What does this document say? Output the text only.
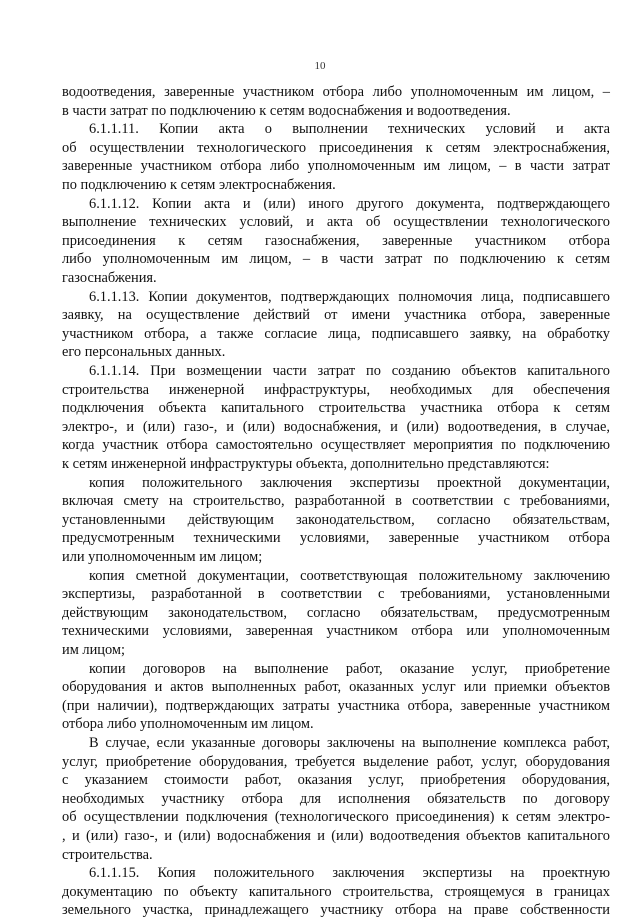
10
водоотведения, заверенные участником отбора либо уполномоченным им лицом, –
в части затрат по подключению к сетям водоснабжения и водоотведения.
6.1.1.11. Копии акта о выполнении технических условий и акта
об осуществлении технологического присоединения к сетям электроснабжения,
заверенные участником отбора либо уполномоченным им лицом, – в части затрат
по подключению к сетям электроснабжения.
6.1.1.12. Копии акта и (или) иного другого документа, подтверждающего
выполнение технических условий, и акта об осуществлении технологического
присоединения к сетям газоснабжения, заверенные участником отбора
либо уполномоченным им лицом, – в части затрат по подключению к сетям
газоснабжения.
6.1.1.13. Копии документов, подтверждающих полномочия лица, подписавшего
заявку, на осуществление действий от имени участника отбора, заверенные
участником отбора, а также согласие лица, подписавшего заявку, на обработку
его персональных данных.
6.1.1.14. При возмещении части затрат по созданию объектов капитального
строительства инженерной инфраструктуры, необходимых для обеспечения
подключения объекта капитального строительства участника отбора к сетям
электро-, и (или) газо-, и (или) водоснабжения, и (или) водоотведения, в случае,
когда участник отбора самостоятельно осуществляет мероприятия по подключению
к сетям инженерной инфраструктуры объекта, дополнительно представляются:
копия положительного заключения экспертизы проектной документации,
включая смету на строительство, разработанной в соответствии с требованиями,
установленными действующим законодательством, согласно обязательствам,
предусмотренным техническими условиями, заверенные участником отбора
или уполномоченным им лицом;
копия сметной документации, соответствующая положительному заключению
экспертизы, разработанной в соответствии с требованиями, установленными
действующим законодательством, согласно обязательствам, предусмотренным
техническими условиями, заверенная участником отбора или уполномоченным
им лицом;
копии договоров на выполнение работ, оказание услуг, приобретение
оборудования и актов выполненных работ, оказанных услуг или приемки объектов
(при наличии), подтверждающих затраты участника отбора, заверенные участником
отбора либо уполномоченным им лицом.
В случае, если указанные договоры заключены на выполнение комплекса работ,
услуг, приобретение оборудования, требуется выделение работ, услуг, оборудования
с указанием стоимости работ, оказания услуг, приобретения оборудования,
необходимых участнику отбора для исполнения обязательств по договору
об осуществлении подключения (технологического присоединения) к сетям электро-
, и (или) газо-, и (или) водоснабжения и (или) водоотведения объектов капитального
строительства.
6.1.1.15. Копия положительного заключения экспертизы на проектную
документацию по объекту капитального строительства, строящемуся в границах
земельного участка, принадлежащего участнику отбора на праве собственности
